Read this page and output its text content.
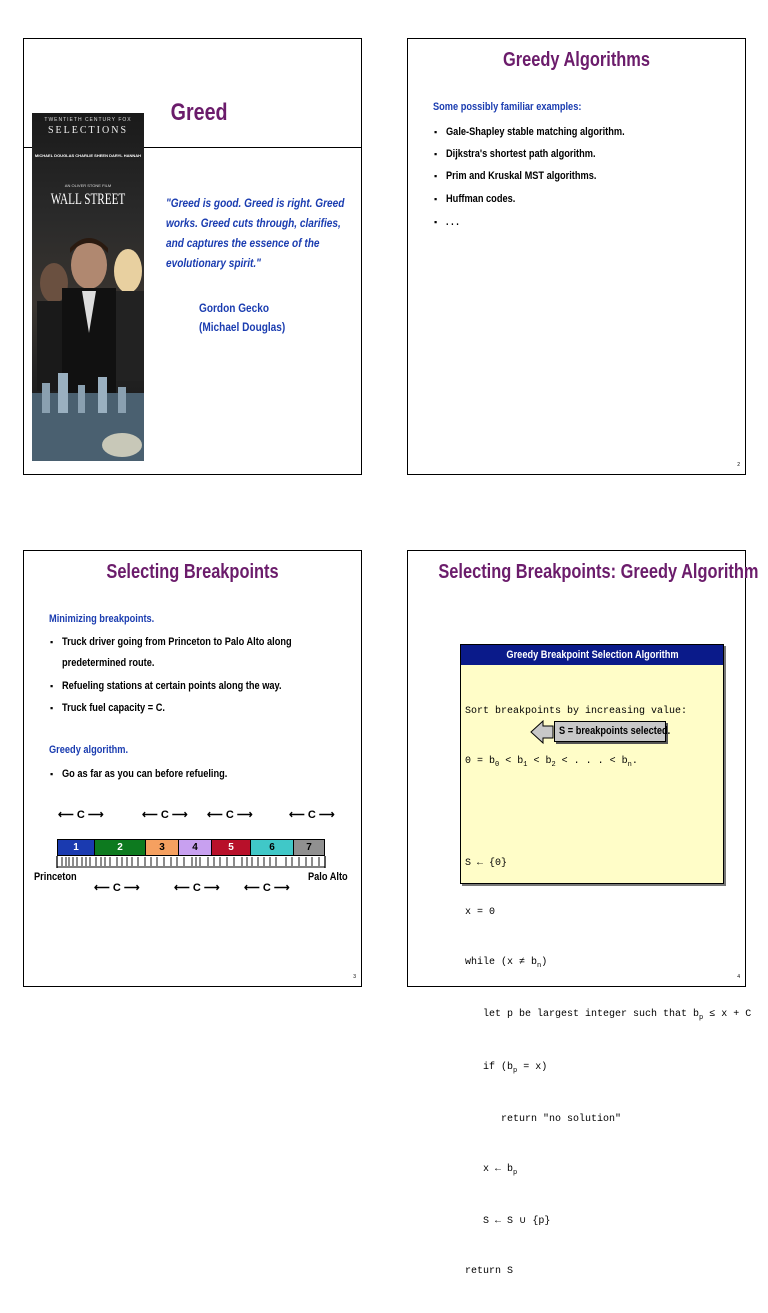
Greed
TWENTIETH CENTURY FOX
SELECTIONS
MICHAEL DOUGLAS CHARLIE SHEEN DARYL HANNAH
AN OLIVER STONE FILM
WALL STREET	"Greed is good. Greed is right. Greed
works. Greed cuts through, clarifies,
and captures the essence of the
evolutionary spirit."
Gordon Gecko
(Michael Douglas)
Greedy Algorithms
Some possibly familiar examples:
▪ Gale-Shapley stable matching algorithm.
▪ Dijkstra's shortest path algorithm.
▪ Prim and Kruskal MST algorithms.
▪ Huffman codes.
▪ . . .
2
Selecting Breakpoints
Minimizing breakpoints.
▪ Truck driver going from Princeton to Palo Alto along
predetermined route.
▪ Refueling stations at certain points along the way.
▪ Truck fuel capacity = C.
Greedy algorithm.
▪ Go as far as you can before refueling.
⟵ C ⟶	⟵ C ⟶ ⟵ C ⟶	⟵ C ⟶
1	2	3	4	5	6	7
Princeton	Palo Alto
⟵ C ⟶	⟵ C ⟶ ⟵ C ⟶
3
Selecting Breakpoints: Greedy Algorithm
Greedy Breakpoint Selection Algorithm

Sort breakpoints by increasing value:

$0 = b_0 < b_1 < b_2$ < . . . < $b_n$.

S ← {0}

x = 0

while $(x \ne b_n)$

let p be largest integer such that $b_p \le x + C$

if $(b_p = x)$

return "no solution"

x ← $b_p$

S ← S ∪ {p}

return S

S = breakpoints selected.
4
